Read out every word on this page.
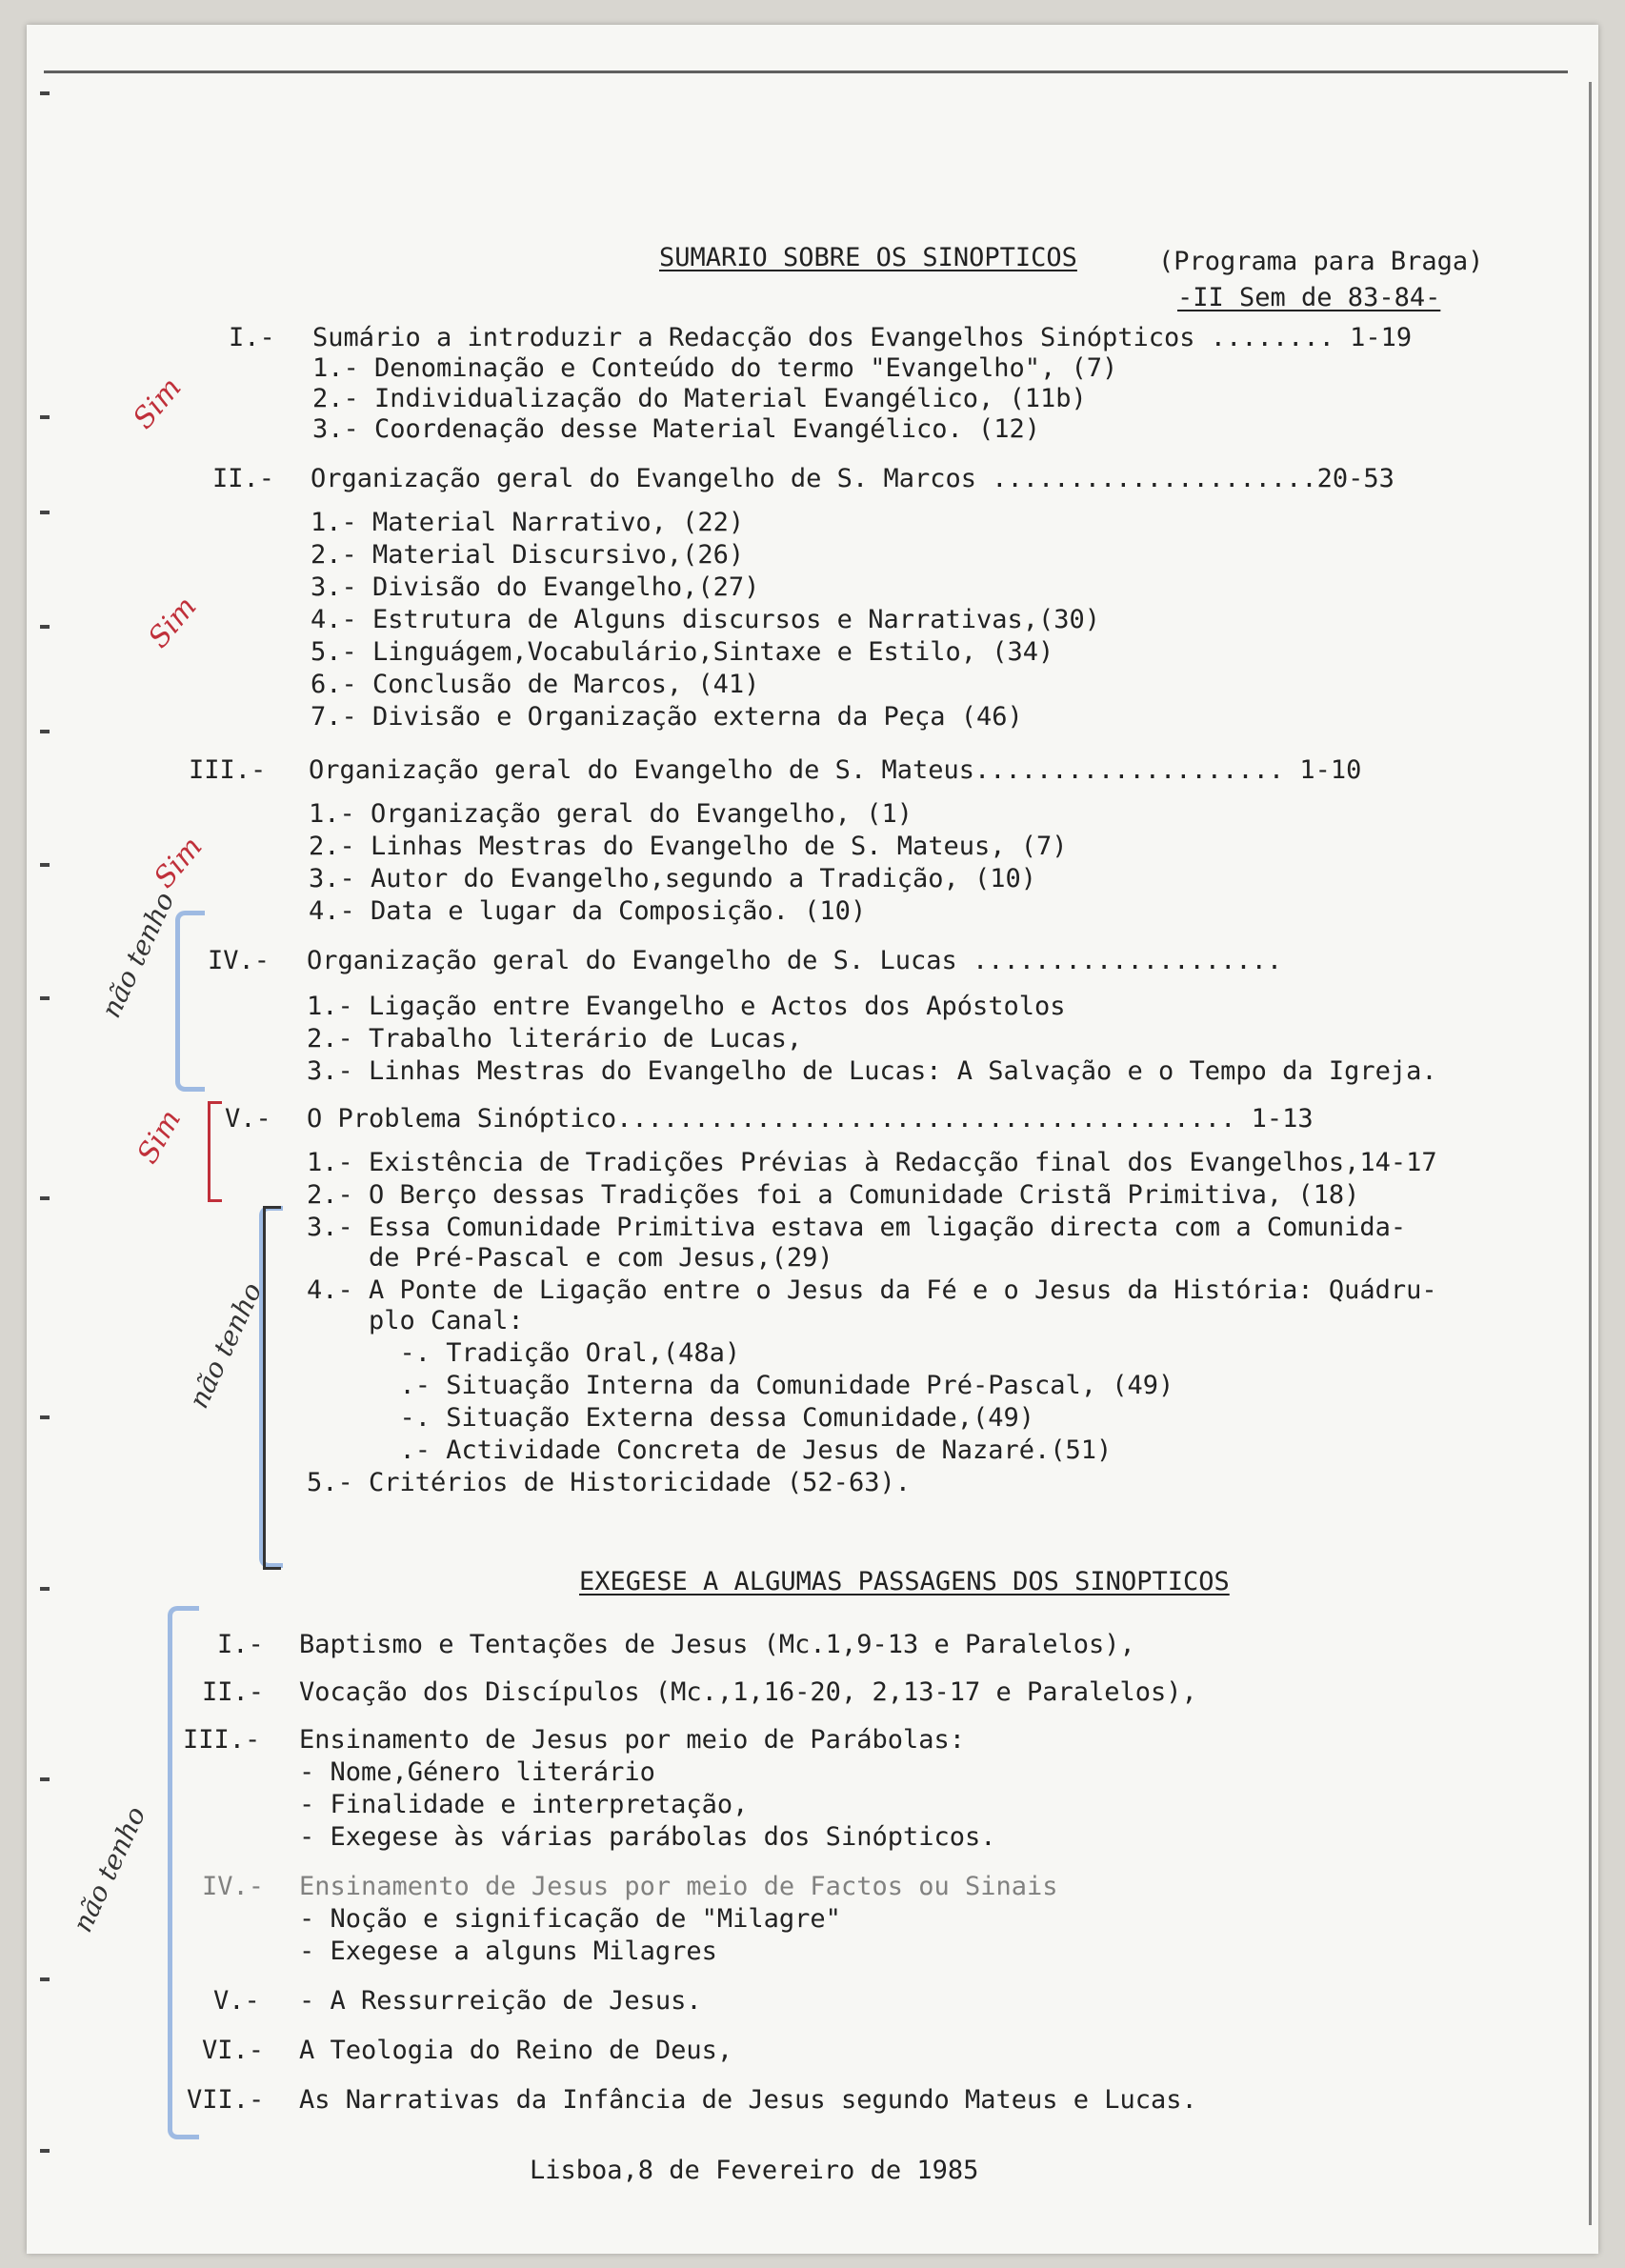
SUMARIO SOBRE OS SINOPTICOS	(Programa para Braga)
-II Sem de 83-84-
I.- Sumário a introduzir a Redacção dos Evangelhos Sinópticos ........ 1-19
1.- Denominação e Conteúdo do termo "Evangelho", (7)
2.- Individualização do Material Evangélico, (11b)
3.- Coordenação desse Material Evangélico. (12)
II.- Organização geral do Evangelho de S. Marcos .....................20-53
1.- Material Narrativo, (22)
2.- Material Discursivo,(26)
3.- Divisão do Evangelho,(27)
4.- Estrutura de Alguns discursos e Narrativas,(30)
5.- Linguágem,Vocabulário,Sintaxe e Estilo, (34)
6.- Conclusão de Marcos, (41)
7.- Divisão e Organização externa da Peça (46)
III.- Organização geral do Evangelho de S. Mateus.................... 1-10
1.- Organização geral do Evangelho, (1)
2.- Linhas Mestras do Evangelho de S. Mateus, (7)
3.- Autor do Evangelho,segundo a Tradição, (10)
4.- Data e lugar da Composição. (10)
IV.- Organização geral do Evangelho de S. Lucas ....................
1.- Ligação entre Evangelho e Actos dos Apóstolos
2.- Trabalho literário de Lucas,
3.- Linhas Mestras do Evangelho de Lucas: A Salvação e o Tempo da Igreja.
V.- O Problema Sinóptico........................................ 1-13
1.- Existência de Tradições Prévias à Redacção final dos Evangelhos,14-17
2.- O Berço dessas Tradições foi a Comunidade Cristã Primitiva, (18)
3.- Essa Comunidade Primitiva estava em ligação directa com a Comunida-
de Pré-Pascal e com Jesus,(29)
4.- A Ponte de Ligação entre o Jesus da Fé e o Jesus da História: Quádru-
plo Canal:
-. Tradição Oral,(48a)
.- Situação Interna da Comunidade Pré-Pascal, (49)
-. Situação Externa dessa Comunidade,(49)
.- Actividade Concreta de Jesus de Nazaré.(51)
5.- Critérios de Historicidade (52-63).
EXEGESE A ALGUMAS PASSAGENS DOS SINOPTICOS
I.- Baptismo e Tentações de Jesus (Mc.1,9-13 e Paralelos),
II.- Vocação dos Discípulos (Mc.,1,16-20, 2,13-17 e Paralelos),
III.- Ensinamento de Jesus por meio de Parábolas:
- Nome,Género literário
- Finalidade e interpretação,
- Exegese às várias parábolas dos Sinópticos.
IV.- Ensinamento de Jesus por meio de Factos ou Sinais
- Noção e significação de "Milagre"
- Exegese a alguns Milagres
V.- - A Ressurreição de Jesus.
VI.- A Teologia do Reino de Deus,
VII.- As Narrativas da Infância de Jesus segundo Mateus e Lucas.
Lisboa,8 de Fevereiro de 1985
Sim
Sim
Sim
Sim
não tenho
não tenho
não tenho
